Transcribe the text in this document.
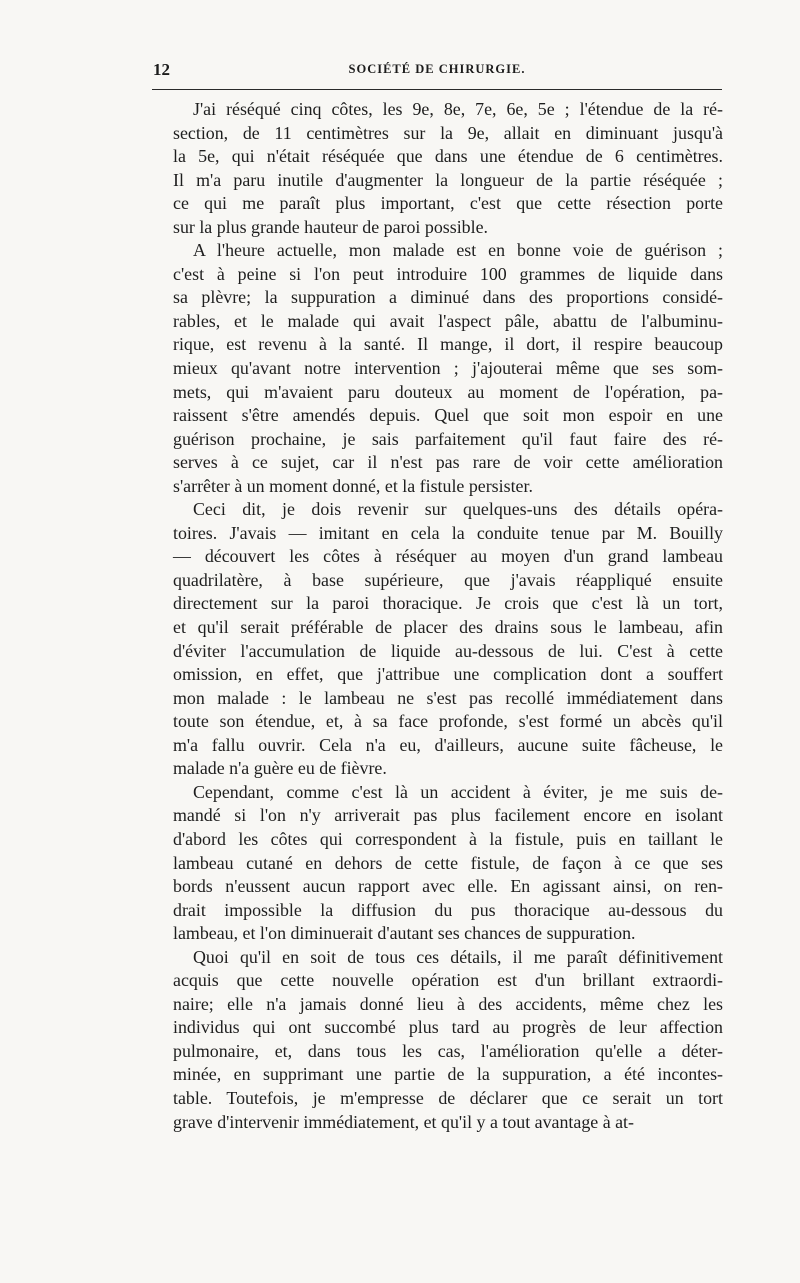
12	SOCIÉTÉ DE CHIRURGIE.
J'ai réséqué cinq côtes, les 9e, 8e, 7e, 6e, 5e ; l'étendue de la ré-
section, de 11 centimètres sur la 9e, allait en diminuant jusqu'à
la 5e, qui n'était réséquée que dans une étendue de 6 centimètres.
Il m'a paru inutile d'augmenter la longueur de la partie réséquée ;
ce qui me paraît plus important, c'est que cette résection porte
sur la plus grande hauteur de paroi possible.
A l'heure actuelle, mon malade est en bonne voie de guérison ;
c'est à peine si l'on peut introduire 100 grammes de liquide dans
sa plèvre; la suppuration a diminué dans des proportions considé-
rables, et le malade qui avait l'aspect pâle, abattu de l'albuminu-
rique, est revenu à la santé. Il mange, il dort, il respire beaucoup
mieux qu'avant notre intervention ; j'ajouterai même que ses som-
mets, qui m'avaient paru douteux au moment de l'opération, pa-
raissent s'être amendés depuis. Quel que soit mon espoir en une
guérison prochaine, je sais parfaitement qu'il faut faire des ré-
serves à ce sujet, car il n'est pas rare de voir cette amélioration
s'arrêter à un moment donné, et la fistule persister.
Ceci dit, je dois revenir sur quelques-uns des détails opéra-
toires. J'avais — imitant en cela la conduite tenue par M. Bouilly
— découvert les côtes à réséquer au moyen d'un grand lambeau
quadrilatère, à base supérieure, que j'avais réappliqué ensuite
directement sur la paroi thoracique. Je crois que c'est là un tort,
et qu'il serait préférable de placer des drains sous le lambeau, afin
d'éviter l'accumulation de liquide au-dessous de lui. C'est à cette
omission, en effet, que j'attribue une complication dont a souffert
mon malade : le lambeau ne s'est pas recollé immédiatement dans
toute son étendue, et, à sa face profonde, s'est formé un abcès qu'il
m'a fallu ouvrir. Cela n'a eu, d'ailleurs, aucune suite fâcheuse, le
malade n'a guère eu de fièvre.
Cependant, comme c'est là un accident à éviter, je me suis de-
mandé si l'on n'y arriverait pas plus facilement encore en isolant
d'abord les côtes qui correspondent à la fistule, puis en taillant le
lambeau cutané en dehors de cette fistule, de façon à ce que ses
bords n'eussent aucun rapport avec elle. En agissant ainsi, on ren-
drait impossible la diffusion du pus thoracique au-dessous du
lambeau, et l'on diminuerait d'autant ses chances de suppuration.
Quoi qu'il en soit de tous ces détails, il me paraît définitivement
acquis que cette nouvelle opération est d'un brillant extraordi-
naire; elle n'a jamais donné lieu à des accidents, même chez les
individus qui ont succombé plus tard au progrès de leur affection
pulmonaire, et, dans tous les cas, l'amélioration qu'elle a déter-
minée, en supprimant une partie de la suppuration, a été incontes-
table. Toutefois, je m'empresse de déclarer que ce serait un tort
grave d'intervenir immédiatement, et qu'il y a tout avantage à at-
